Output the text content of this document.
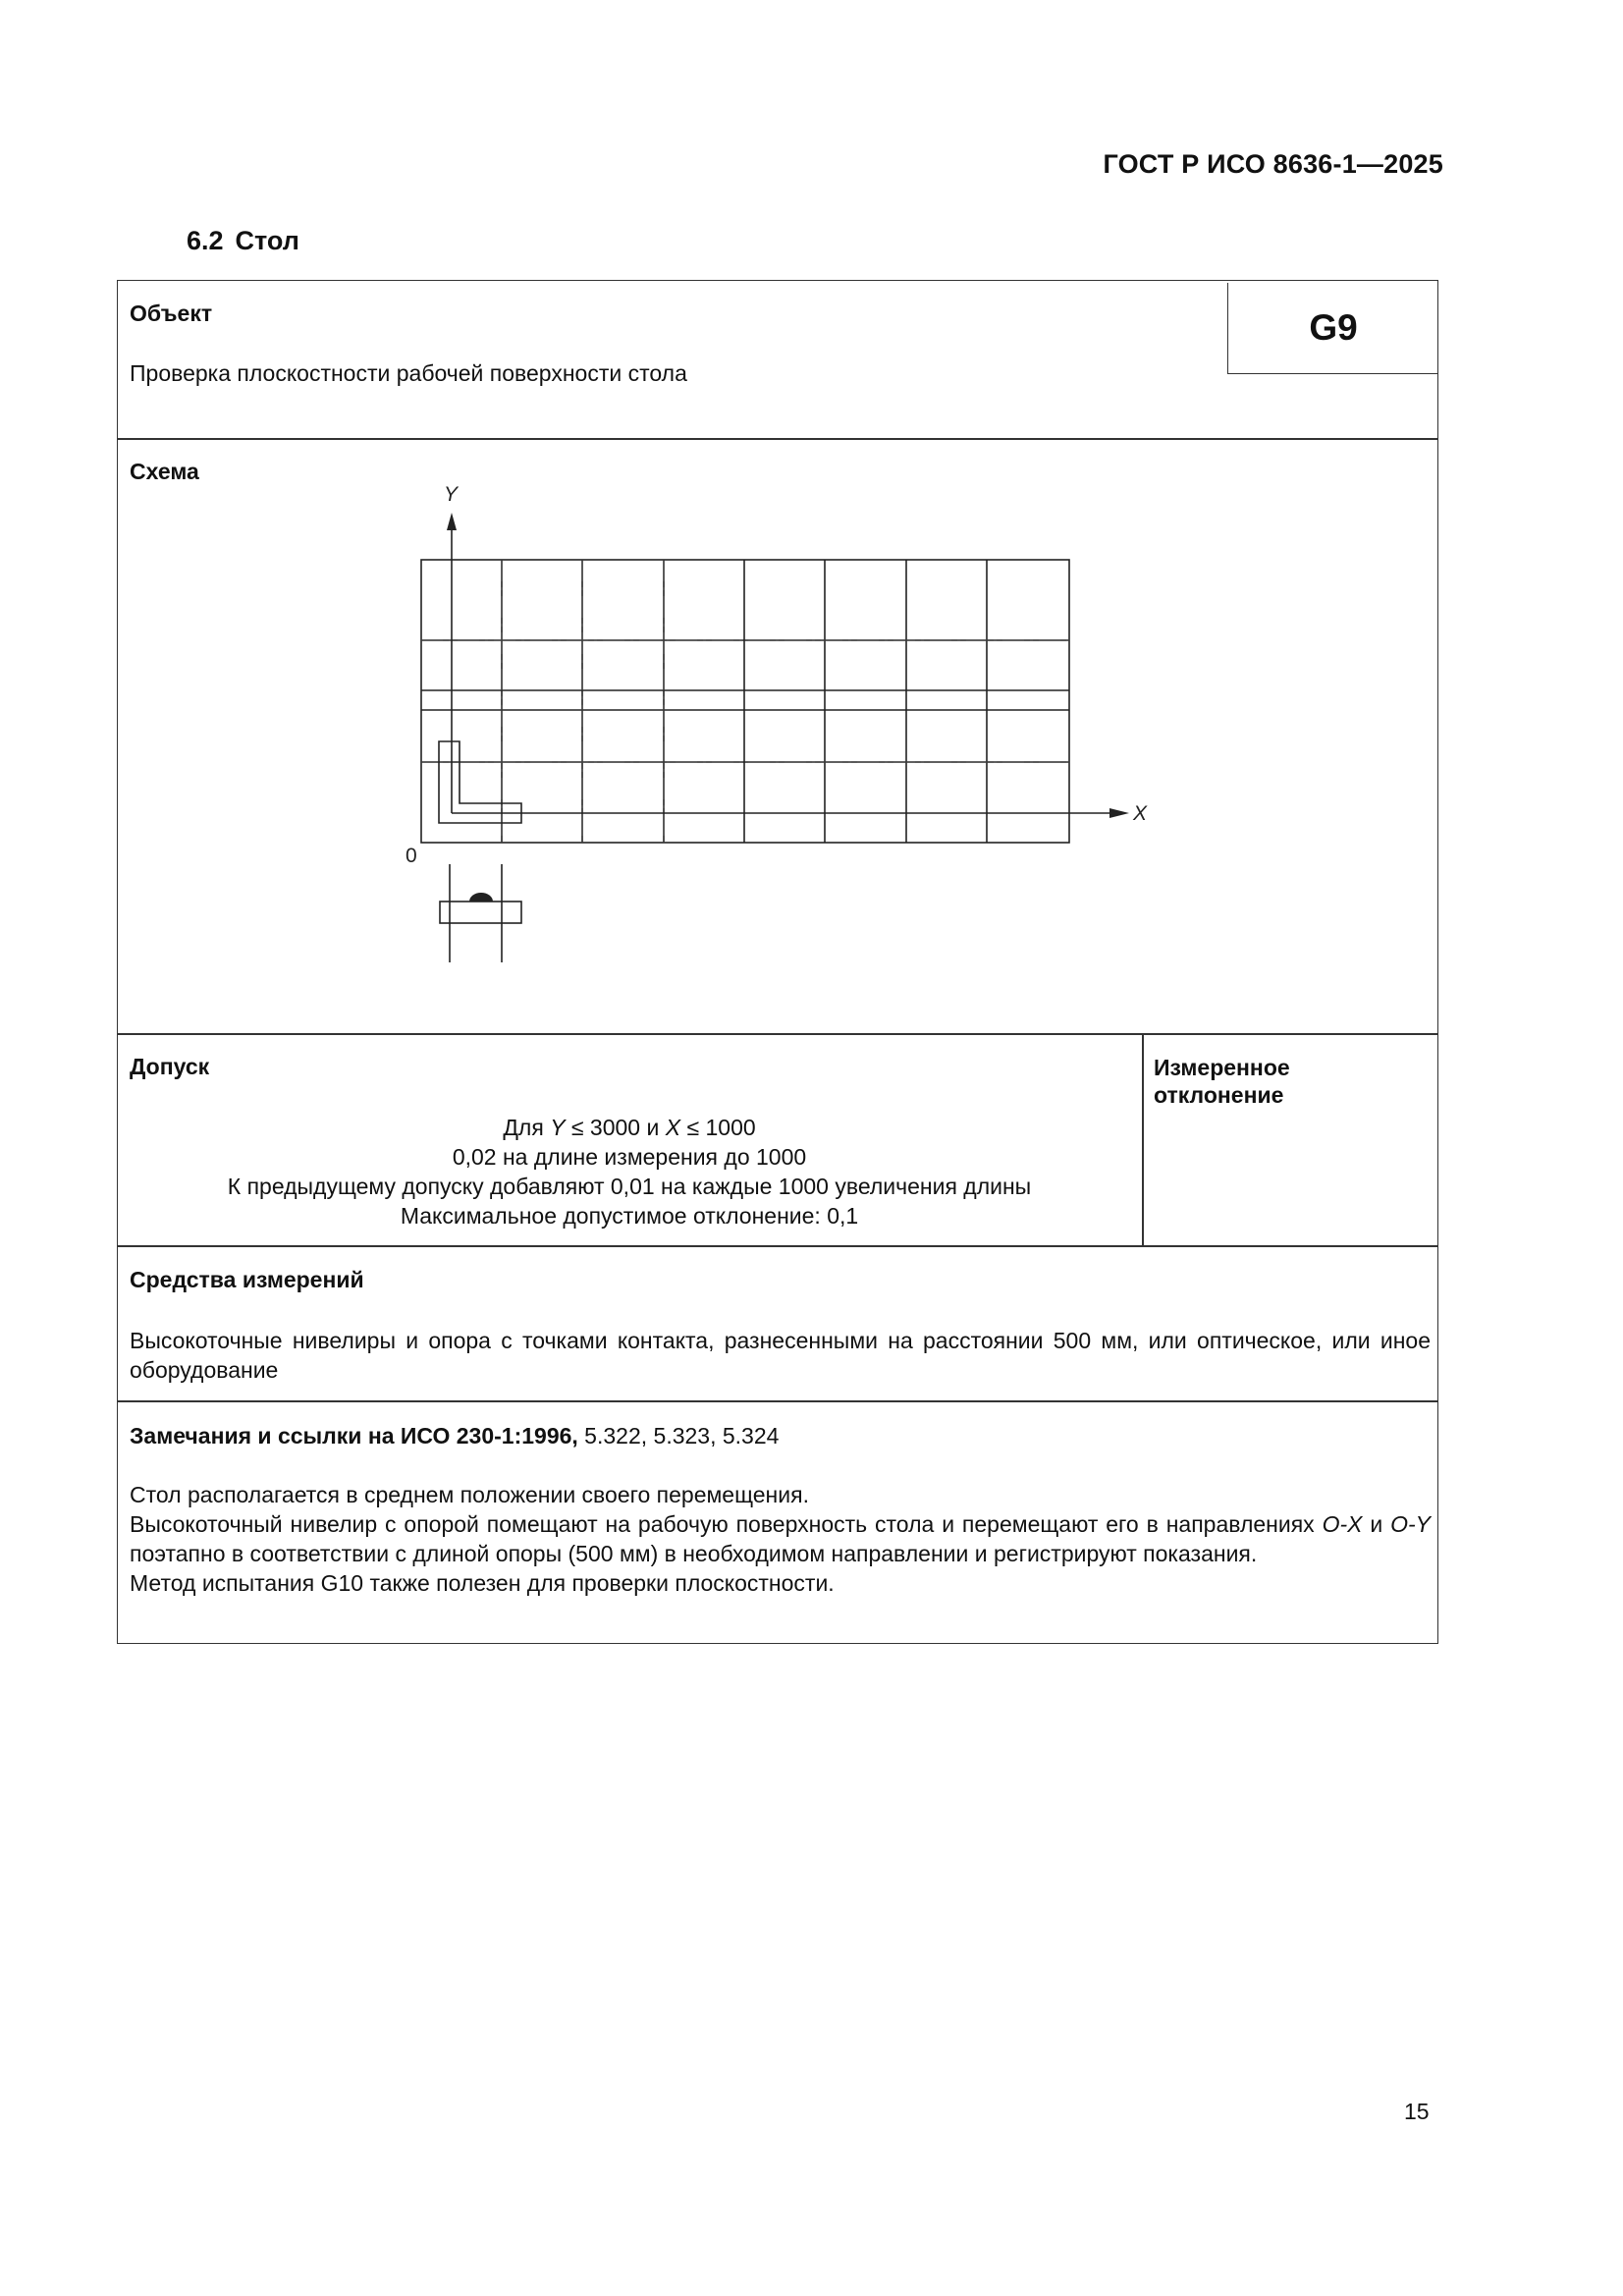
ГОСТ Р ИСО 8636-1—2025
6.2 Стол
G9
Объект
Проверка плоскостности рабочей поверхности стола
Схема
Y
X
0
Допуск
Для Y ≤ 3000 и X ≤ 1000
0,02 на длине измерения до 1000
К предыдущему допуску добавляют 0,01 на каждые 1000 увеличения длины
Максимальное допустимое отклонение: 0,1
Измеренное
отклонение
Средства измерений
Высокоточные нивелиры и опора с точками контакта, разнесенными на расстоянии 500 мм, или оптическое, или иное оборудование
Замечания и ссылки на ИСО 230-1:1996, 5.322, 5.323, 5.324
Стол располагается в среднем положении своего перемещения.
Высокоточный нивелир с опорой помещают на рабочую поверхность стола и перемещают его в направлениях O-X и O-Y поэтапно в соответствии с длиной опоры (500 мм) в необходимом направлении и регистрируют показания.
Метод испытания G10 также полезен для проверки плоскостности.
15
